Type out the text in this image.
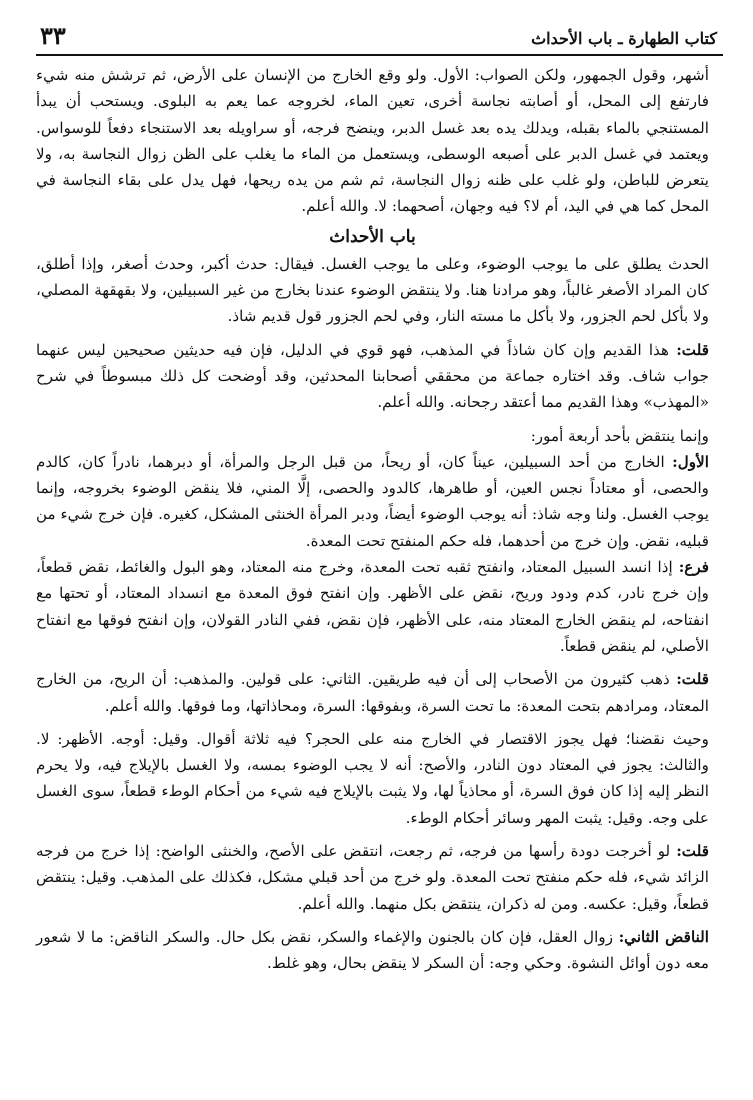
٣٣	كتاب الطهارة ـ باب الأحداث

أشهر، وقول الجمهور، ولكن الصواب: الأول. ولو وقع الخارج من الإنسان على الأرض، ثم ترشش منه شيء فارتفع إلى المحل، أو أصابته نجاسة أخرى، تعين الماء، لخروجه عما يعم به البلوى. ويستحب أن يبدأ المستنجي بالماء بقبله، ويدلك يده بعد غسل الدبر، وينضح فرجه، أو سراويله بعد الاستنجاء دفعاً للوسواس. ويعتمد في غسل الدبر على أصبعه الوسطى، ويستعمل من الماء ما يغلب على الظن زوال النجاسة به، ولا يتعرض للباطن، ولو غلب على ظنه زوال النجاسة، ثم شم من يده ريحها، فهل يدل على بقاء النجاسة في المحل كما هي في اليد، أم لا؟ فيه وجهان، أصحهما: لا. والله أعلم.

باب الأحداث

الحدث يطلق على ما يوجب الوضوء، وعلى ما يوجب الغسل. فيقال: حدث أكبر، وحدث أصغر، وإذا أطلق، كان المراد الأصغر غالباً، وهو مرادنا هنا. ولا ينتقض الوضوء عندنا بخارج من غير السبيلين، ولا بقهقهة المصلي، ولا بأكل لحم الجزور، ولا بأكل ما مسته النار، وفي لحم الجزور قول قديم شاذ.

قلت: هذا القديم وإن كان شاذاً في المذهب، فهو قوي في الدليل، فإن فيه حديثين صحيحين ليس عنهما جواب شاف. وقد اختاره جماعة من محققي أصحابنا المحدثين، وقد أوضحت كل ذلك مبسوطاً في شرح «المهذب» وهذا القديم مما أعتقد رجحانه. والله أعلم.

وإنما ينتقض بأحد أربعة أمور:

الأول: الخارج من أحد السبيلين، عيناً كان، أو ريحاً، من قبل الرجل والمرأة، أو دبرهما، نادراً كان، كالدم والحصى، أو معتاداً نجس العين، أو طاهرها، كالدود والحصى، إلَّا المني، فلا ينقض الوضوء بخروجه، وإنما يوجب الغسل. ولنا وجه شاذ: أنه يوجب الوضوء أيضاً، ودبر المرأة الخنثى المشكل، كغيره. فإن خرج شيء من قبليه، نقض. وإن خرج من أحدهما، فله حكم المنفتح تحت المعدة.

فرع: إذا انسد السبيل المعتاد، وانفتح ثقبه تحت المعدة، وخرج منه المعتاد، وهو البول والغائط، نقض قطعاً، وإن خرج نادر، كدم ودود وريح، نقض على الأظهر. وإن انفتح فوق المعدة مع انسداد المعتاد، أو تحتها مع انفتاحه، لم ينقض الخارج المعتاد منه، على الأظهر، فإن نقض، ففي النادر القولان، وإن انفتح فوقها مع انفتاح الأصلي، لم ينقض قطعاً.

قلت: ذهب كثيرون من الأصحاب إلى أن فيه طريقين. الثاني: على قولين. والمذهب: أن الريح، من الخارج المعتاد، ومرادهم بتحت المعدة: ما تحت السرة، وبفوقها: السرة، ومحاذاتها، وما فوقها. والله أعلم.

وحيث نقضنا؛ فهل يجوز الاقتصار في الخارج منه على الحجر؟ فيه ثلاثة أقوال. وقيل: أوجه. الأظهر: لا. والثالث: يجوز في المعتاد دون النادر، والأصح: أنه لا يجب الوضوء بمسه، ولا الغسل بالإيلاج فيه، ولا يحرم النظر إليه إذا كان فوق السرة، أو محاذياً لها، ولا يثبت بالإيلاج فيه شيء من أحكام الوطء قطعاً، سوى الغسل على وجه. وقيل: يثبت المهر وسائر أحكام الوطء.

قلت: لو أخرجت دودة رأسها من فرجه، ثم رجعت، انتقض على الأصح، والخنثى الواضح: إذا خرج من فرجه الزائد شيء، فله حكم منفتح تحت المعدة. ولو خرج من أحد قبلي مشكل، فكذلك على المذهب. وقيل: ينتقض قطعاً، وقيل: عكسه. ومن له ذكران، ينتقض بكل منهما. والله أعلم.

الناقض الثاني: زوال العقل، فإن كان بالجنون والإغماء والسكر، نقض بكل حال. والسكر الناقض: ما لا شعور معه دون أوائل النشوة. وحكي وجه: أن السكر لا ينقض بحال، وهو غلط.
